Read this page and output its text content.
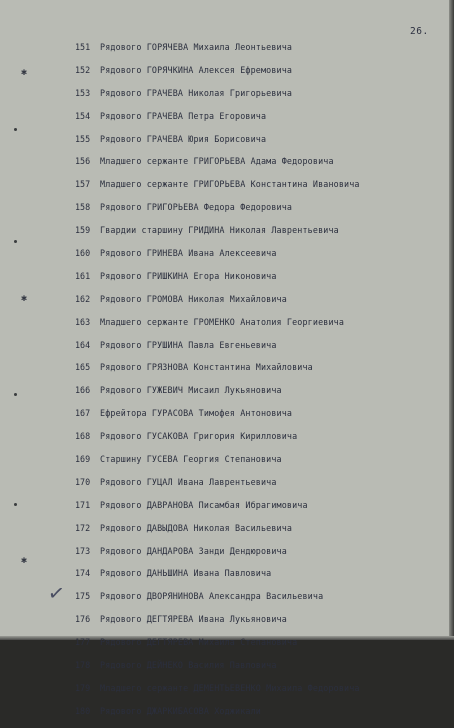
✱
✱
✱
✓
26.
151	Рядового ГОРЯЧЕВА Михаила Леонтьевича
152	Рядового ГОРЯЧКИНА Алексея Ефремовича
153	Рядового ГРАЧЕВА Николая Григорьевича
154	Рядового ГРАЧЕВА Петра Егоровича
155	Рядового ГРАЧЕВА Юрия Борисовича
156	Младшего сержанте ГРИГОРЬЕВА Адама Федоровича
157	Младшего сержанте ГРИГОРЬЕВА Константина Ивановича
158	Рядового ГРИГОРЬЕВА Федора Федоровича
159	Гвардии старшину ГРИДИНА Николая Лаврентьевича
160	Рядового ГРИНЕВА Ивана Алексеевича
161	Рядового ГРИШКИНА Егора Никоновича
162	Рядового ГРОМОВА Николая Михайловича
163	Младшего сержанте ГРОМЕНКО Анатолия Георгиевича
164	Рядового ГРУШИНА Павла Евгеньевича
165	Рядового ГРЯЗНОВА Константина Михайловича
166	Рядового ГУЖЕВИЧ Мисаил Лукьяновича
167	Ефрейтора ГУРАСОВА Тимофея Антоновича
168	Рядового ГУСАКОВА Григория Кирилловича
169	Старшину ГУСЕВА Георгия Степановича
170	Рядового ГУЦАЛ Ивана Лаврентьевича
171	Рядового ДАВРАНОВА Писамбая Ибрагимовича
172	Рядового ДАВЫДОВА Николая Васильевича
173	Рядового ДАНДАРОВА Занди Дендюровича
174	Рядового ДАНЬШИНА Ивана Павловича
175	Рядового ДВОРЯНИНОВА Александра Васильевича
176	Рядового ДЕГТЯРЕВА Ивана Лукьяновича
177	Рядового ДЕГТЯРЕВА Михаила Степановича
178	Рядового ДЕЙНЕКО Василия Павловича
179	Младшего сержанте ДЕМЕНТЬЕВЕНКО Михаила Федоровича
180	Рядового ДЖАРКИБАСОВА Ходжикали
